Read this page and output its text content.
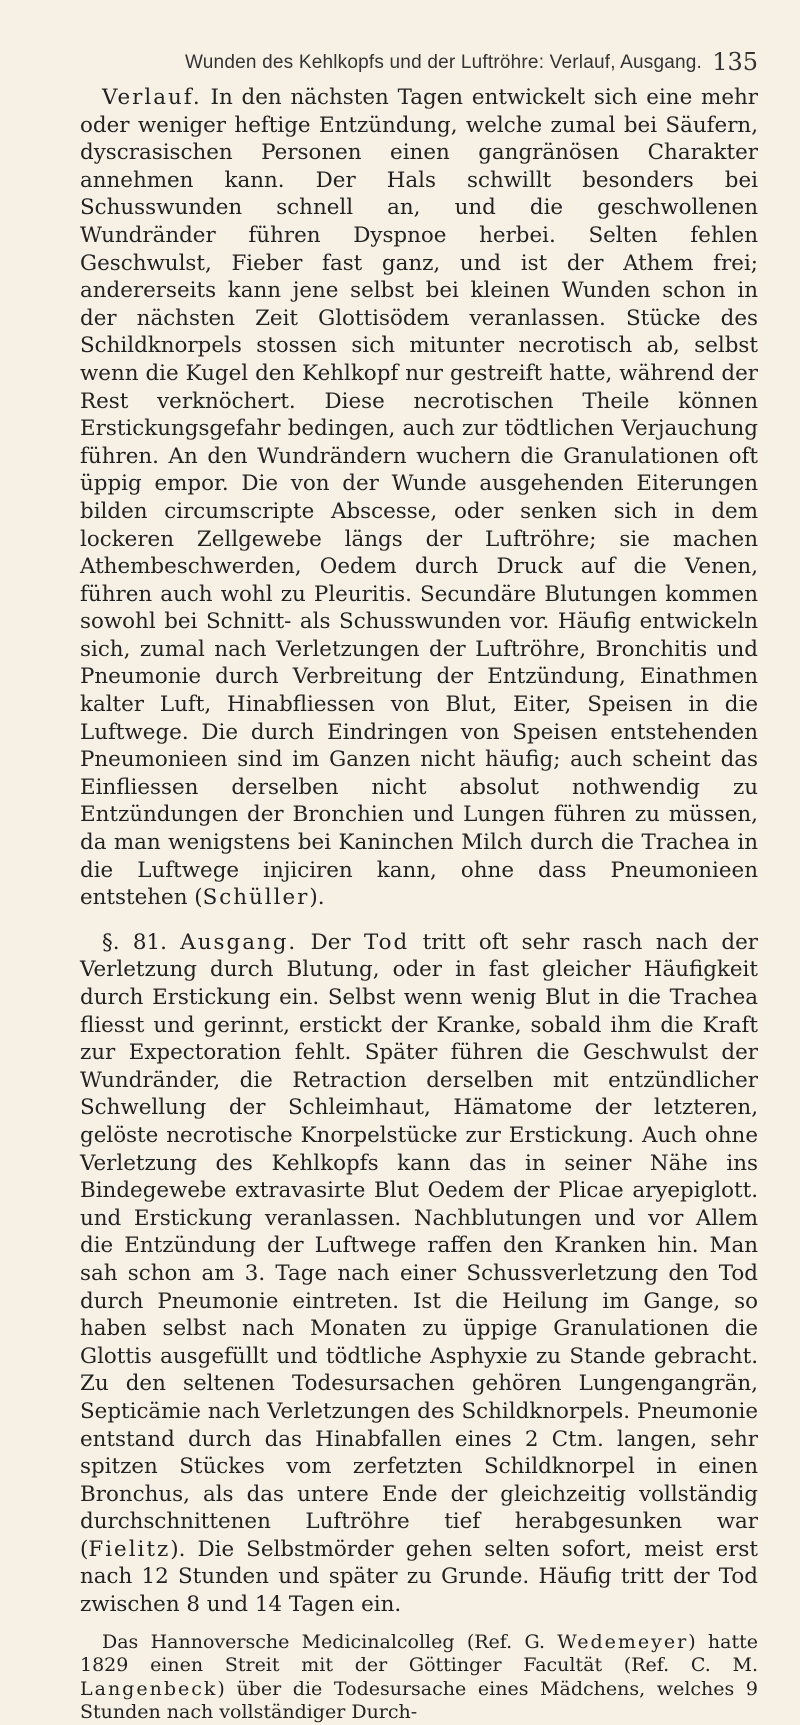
Wunden des Kehlkopfs und der Luftröhre: Verlauf, Ausgang. 135

Verlauf. In den nächsten Tagen entwickelt sich eine mehr oder weniger heftige Entzündung, welche zumal bei Säufern, dyscrasischen Personen einen gangränösen Charakter annehmen kann. Der Hals schwillt besonders bei Schusswunden schnell an, und die geschwollenen Wundränder führen Dyspnoe herbei. Selten fehlen Geschwulst, Fieber fast ganz, und ist der Athem frei; andererseits kann jene selbst bei kleinen Wunden schon in der nächsten Zeit Glottisödem veranlassen. Stücke des Schildknorpels stossen sich mitunter necrotisch ab, selbst wenn die Kugel den Kehlkopf nur gestreift hatte, während der Rest verknöchert. Diese necrotischen Theile können Erstickungsgefahr bedingen, auch zur tödtlichen Verjauchung führen. An den Wundrändern wuchern die Granulationen oft üppig empor. Die von der Wunde ausgehenden Eiterungen bilden circumscripte Abscesse, oder senken sich in dem lockeren Zellgewebe längs der Luftröhre; sie machen Athembeschwerden, Oedem durch Druck auf die Venen, führen auch wohl zu Pleuritis. Secundäre Blutungen kommen sowohl bei Schnitt- als Schusswunden vor. Häufig entwickeln sich, zumal nach Verletzungen der Luftröhre, Bronchitis und Pneumonie durch Verbreitung der Entzündung, Einathmen kalter Luft, Hinabfliessen von Blut, Eiter, Speisen in die Luftwege. Die durch Eindringen von Speisen entstehenden Pneumonieen sind im Ganzen nicht häufig; auch scheint das Einfliessen derselben nicht absolut nothwendig zu Entzündungen der Bronchien und Lungen führen zu müssen, da man wenigstens bei Kaninchen Milch durch die Trachea in die Luftwege injiciren kann, ohne dass Pneumonieen entstehen (Schüller).

§. 81. Ausgang. Der Tod tritt oft sehr rasch nach der Verletzung durch Blutung, oder in fast gleicher Häufigkeit durch Erstickung ein. Selbst wenn wenig Blut in die Trachea fliesst und gerinnt, erstickt der Kranke, sobald ihm die Kraft zur Expectoration fehlt. Später führen die Geschwulst der Wundränder, die Retraction derselben mit entzündlicher Schwellung der Schleimhaut, Hämatome der letzteren, gelöste necrotische Knorpelstücke zur Erstickung. Auch ohne Verletzung des Kehlkopfs kann das in seiner Nähe ins Bindegewebe extravasirte Blut Oedem der Plicae aryepiglott. und Erstickung veranlassen. Nachblutungen und vor Allem die Entzündung der Luftwege raffen den Kranken hin. Man sah schon am 3. Tage nach einer Schussverletzung den Tod durch Pneumonie eintreten. Ist die Heilung im Gange, so haben selbst nach Monaten zu üppige Granulationen die Glottis ausgefüllt und tödtliche Asphyxie zu Stande gebracht. Zu den seltenen Todesursachen gehören Lungengangrän, Septicämie nach Verletzungen des Schildknorpels. Pneumonie entstand durch das Hinabfallen eines 2 Ctm. langen, sehr spitzen Stückes vom zerfetzten Schildknorpel in einen Bronchus, als das untere Ende der gleichzeitig vollständig durchschnittenen Luftröhre tief herabgesunken war (Fielitz). Die Selbstmörder gehen selten sofort, meist erst nach 12 Stunden und später zu Grunde. Häufig tritt der Tod zwischen 8 und 14 Tagen ein.

Das Hannoversche Medicinalcolleg (Ref. G. Wedemeyer) hatte 1829 einen Streit mit der Göttinger Facultät (Ref. C. M. Langenbeck) über die Todesursache eines Mädchens, welches 9 Stunden nach vollständiger Durch-
